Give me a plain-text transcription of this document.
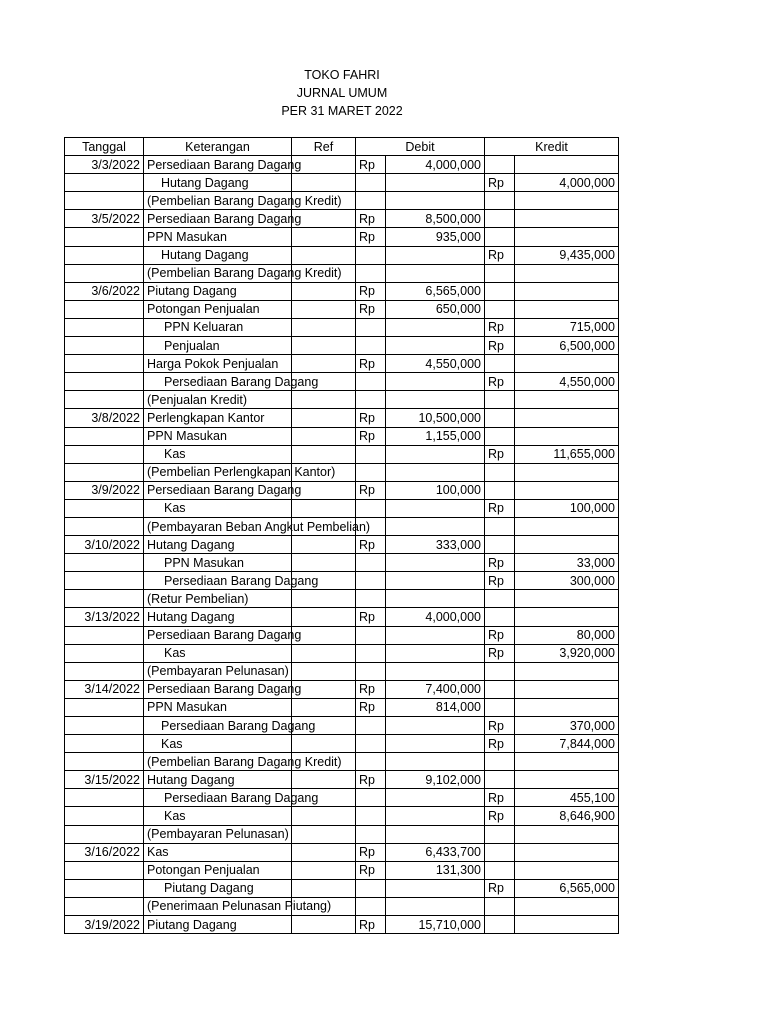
TOKO FAHRI
JURNAL UMUM
PER 31 MARET 2022
Tanggal	Keterangan	Ref	Debit		Kredit	
3/3/2022	Persediaan Barang Dagang		Rp	4,000,000		
	Hutang Dagang				Rp	4,000,000
	(Pembelian Barang Dagang Kredit)					
3/5/2022	Persediaan Barang Dagang		Rp	8,500,000		
	PPN Masukan		Rp	935,000		
	Hutang Dagang				Rp	9,435,000
	(Pembelian Barang Dagang Kredit)					
3/6/2022	Piutang Dagang		Rp	6,565,000		
	Potongan Penjualan		Rp	650,000		
	PPN Keluaran				Rp	715,000
	Penjualan				Rp	6,500,000
	Harga Pokok Penjualan		Rp	4,550,000		
	Persediaan Barang Dagang				Rp	4,550,000
	(Penjualan Kredit)					
3/8/2022	Perlengkapan Kantor		Rp	10,500,000		
	PPN Masukan		Rp	1,155,000		
	Kas				Rp	11,655,000
	(Pembelian Perlengkapan Kantor)					
3/9/2022	Persediaan Barang Dagang		Rp	100,000		
	Kas				Rp	100,000
	(Pembayaran Beban Angkut Pembelian)					
3/10/2022	Hutang Dagang		Rp	333,000		
	PPN Masukan				Rp	33,000
	Persediaan Barang Dagang				Rp	300,000
	(Retur Pembelian)					
3/13/2022	Hutang Dagang		Rp	4,000,000		
	Persediaan Barang Dagang				Rp	80,000
	Kas				Rp	3,920,000
	(Pembayaran Pelunasan)					
3/14/2022	Persediaan Barang Dagang		Rp	7,400,000		
	PPN Masukan		Rp	814,000		
	Persediaan Barang Dagang				Rp	370,000
	Kas				Rp	7,844,000
	(Pembelian Barang Dagang Kredit)					
3/15/2022	Hutang Dagang		Rp	9,102,000		
	Persediaan Barang Dagang				Rp	455,100
	Kas				Rp	8,646,900
	(Pembayaran Pelunasan)					
3/16/2022	Kas		Rp	6,433,700		
	Potongan Penjualan		Rp	131,300		
	Piutang Dagang				Rp	6,565,000
	(Penerimaan Pelunasan Piutang)					
3/19/2022	Piutang Dagang		Rp	15,710,000		
